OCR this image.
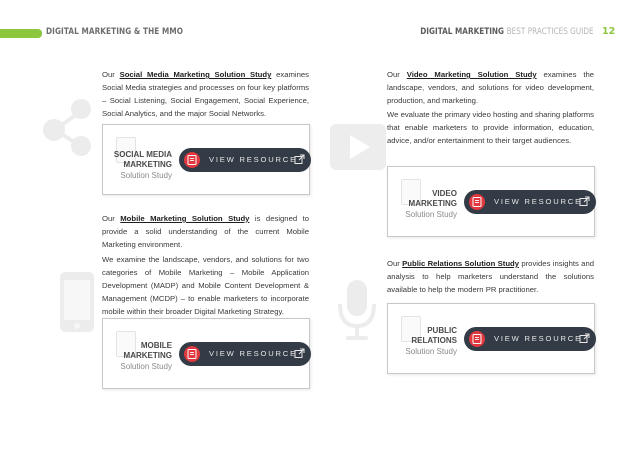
DIGITAL MARKETING & THE MMO	DIGITAL MARKETING BEST PRACTICES GUIDE 12

Our Social Media Marketing Solution Study examines Social Media strategies and processes on four key platforms – Social Listening, Social Engagement, Social Experience, Social Analytics, and the major Social Networks.

SOCIAL MEDIA
MARKETING
Solution Study
VIEW RESOURCE

Our Mobile Marketing Solution Study is designed to provide a solid understanding of the current Mobile Marketing environment.

We examine the landscape, vendors, and solutions for two categories of Mobile Marketing – Mobile Application Development (MADP) and Mobile Content Development & Management (MCDP) – to enable marketers to incorporate mobile within their broader Digital Marketing Strategy.

MOBILE
MARKETING
Solution Study
VIEW RESOURCE

Our Video Marketing Solution Study examines the landscape, vendors, and solutions for video development, production, and marketing.

We evaluate the primary video hosting and sharing platforms that enable marketers to provide information, education, advice, and/or entertainment to their target audiences.

VIDEO
MARKETING
Solution Study
VIEW RESOURCE

Our Public Relations Solution Study provides insights and analysis to help marketers understand the solutions available to help the modern PR practitioner.

PUBLIC
RELATIONS
Solution Study
VIEW RESOURCE
